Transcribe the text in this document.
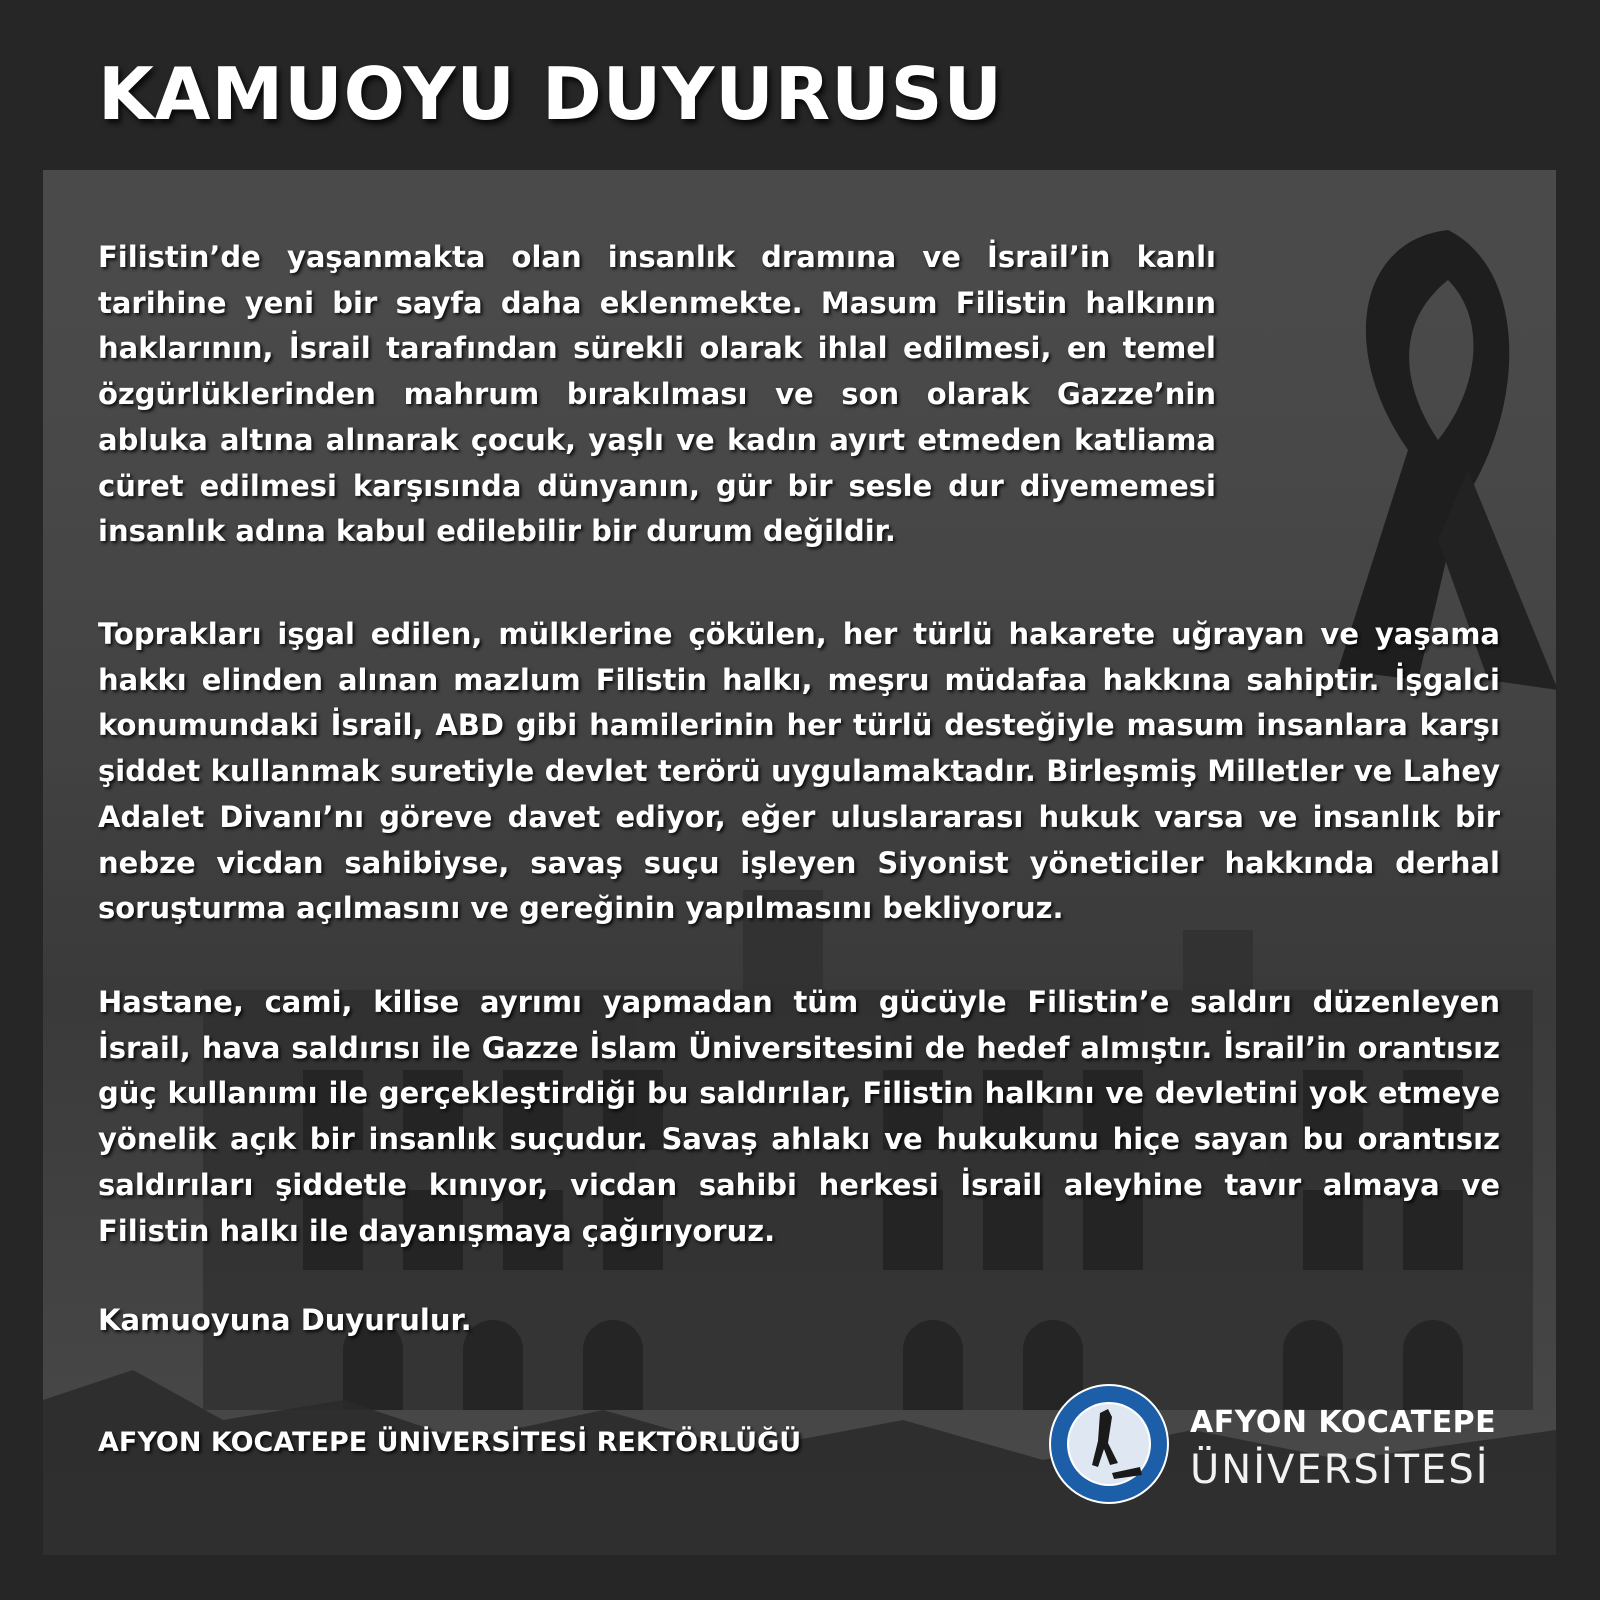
KAMUOYU DUYURUSU

Filistin’de yaşanmakta olan insanlık dramına ve İsrail’in kanlı tarihine yeni bir sayfa daha eklenmekte. Masum Filistin halkının haklarının, İsrail tarafından sürekli olarak ihlal edilmesi, en temel özgürlüklerinden mahrum bırakılması ve son olarak Gazze’nin abluka altına alınarak çocuk, yaşlı ve kadın ayırt etmeden katliama cüret edilmesi karşısında dünyanın, gür bir sesle dur diyememesi insanlık adına kabul edilebilir bir durum değildir.

Toprakları işgal edilen, mülklerine çökülen, her türlü hakarete uğrayan ve yaşama hakkı elinden alınan mazlum Filistin halkı, meşru müdafaa hakkına sahiptir. İşgalci konumundaki İsrail, ABD gibi hamilerinin her türlü desteğiyle masum insanlara karşı şiddet kullanmak suretiyle devlet terörü uygulamaktadır. Birleşmiş Milletler ve Lahey Adalet Divanı’nı göreve davet ediyor, eğer uluslararası hukuk varsa ve insanlık bir nebze vicdan sahibiyse, savaş suçu işleyen Siyonist yöneticiler hakkında derhal soruşturma açılmasını ve gereğinin yapılmasını bekliyoruz.

Hastane, cami, kilise ayrımı yapmadan tüm gücüyle Filistin’e saldırı düzenleyen İsrail, hava saldırısı ile Gazze İslam Üniversitesini de hedef almıştır. İsrail’in orantısız güç kullanımı ile gerçekleştirdiği bu saldırılar, Filistin halkını ve devletini yok etmeye yönelik açık bir insanlık suçudur. Savaş ahlakı ve hukukunu hiçe sayan bu orantısız saldırıları şiddetle kınıyor, vicdan sahibi herkesi İsrail aleyhine tavır almaya ve Filistin halkı ile dayanışmaya çağırıyoruz.

Kamuoyuna Duyurulur.
AFYON KOCATEPE ÜNİVERSİTESİ REKTÖRLÜĞÜ
AFYON KOCATEPE
ÜNİVERSİTESİ
